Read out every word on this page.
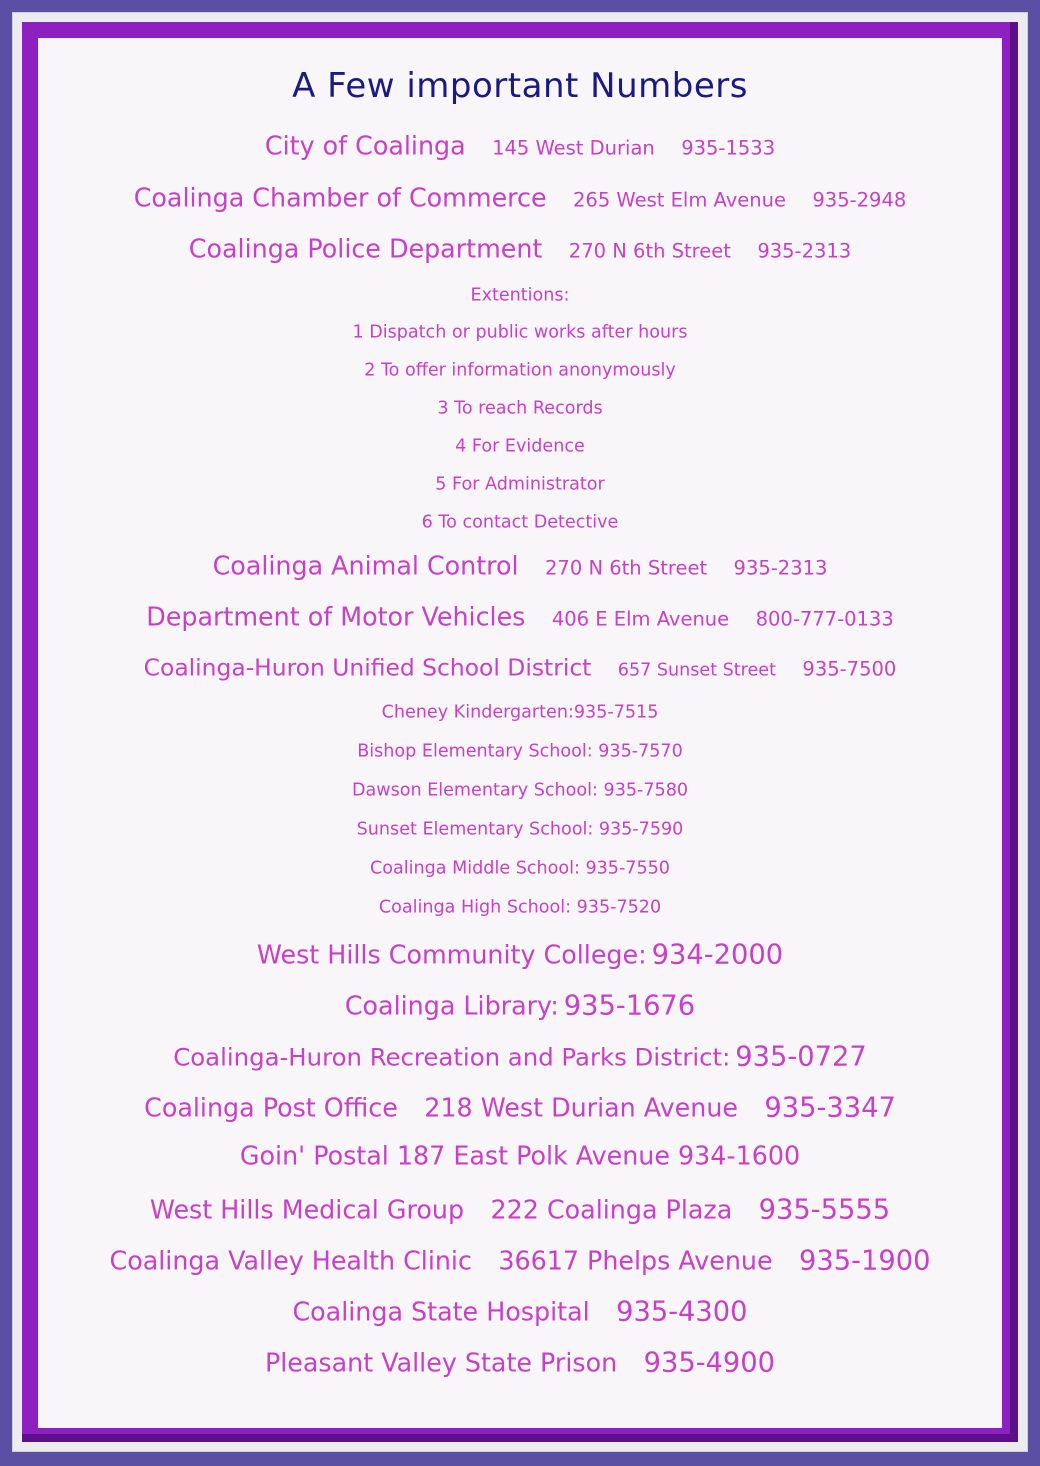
A Few important Numbers
City of Coalinga 145 West Durian 935-1533
Coalinga Chamber of Commerce 265 West Elm Avenue 935-2948
Coalinga Police Department 270 N 6th Street 935-2313
Extentions:
1 Dispatch or public works after hours
2 To offer information anonymously
3 To reach Records
4 For Evidence
5 For Administrator
6 To contact Detective
Coalinga Animal Control 270 N 6th Street 935-2313
Department of Motor Vehicles 406 E Elm Avenue 800-777-0133
Coalinga-Huron Unified School District 657 Sunset Street 935-7500
Cheney Kindergarten:935-7515
Bishop Elementary School: 935-7570
Dawson Elementary School: 935-7580
Sunset Elementary School: 935-7590
Coalinga Middle School: 935-7550
Coalinga High School: 935-7520
West Hills Community College: 934-2000
Coalinga Library: 935-1676
Coalinga-Huron Recreation and Parks District: 935-0727
Coalinga Post Office 218 West Durian Avenue 935-3347
Goin' Postal 187 East Polk Avenue 934-1600
West Hills Medical Group 222 Coalinga Plaza 935-5555
Coalinga Valley Health Clinic 36617 Phelps Avenue 935-1900
Coalinga State Hospital 935-4300
Pleasant Valley State Prison 935-4900
